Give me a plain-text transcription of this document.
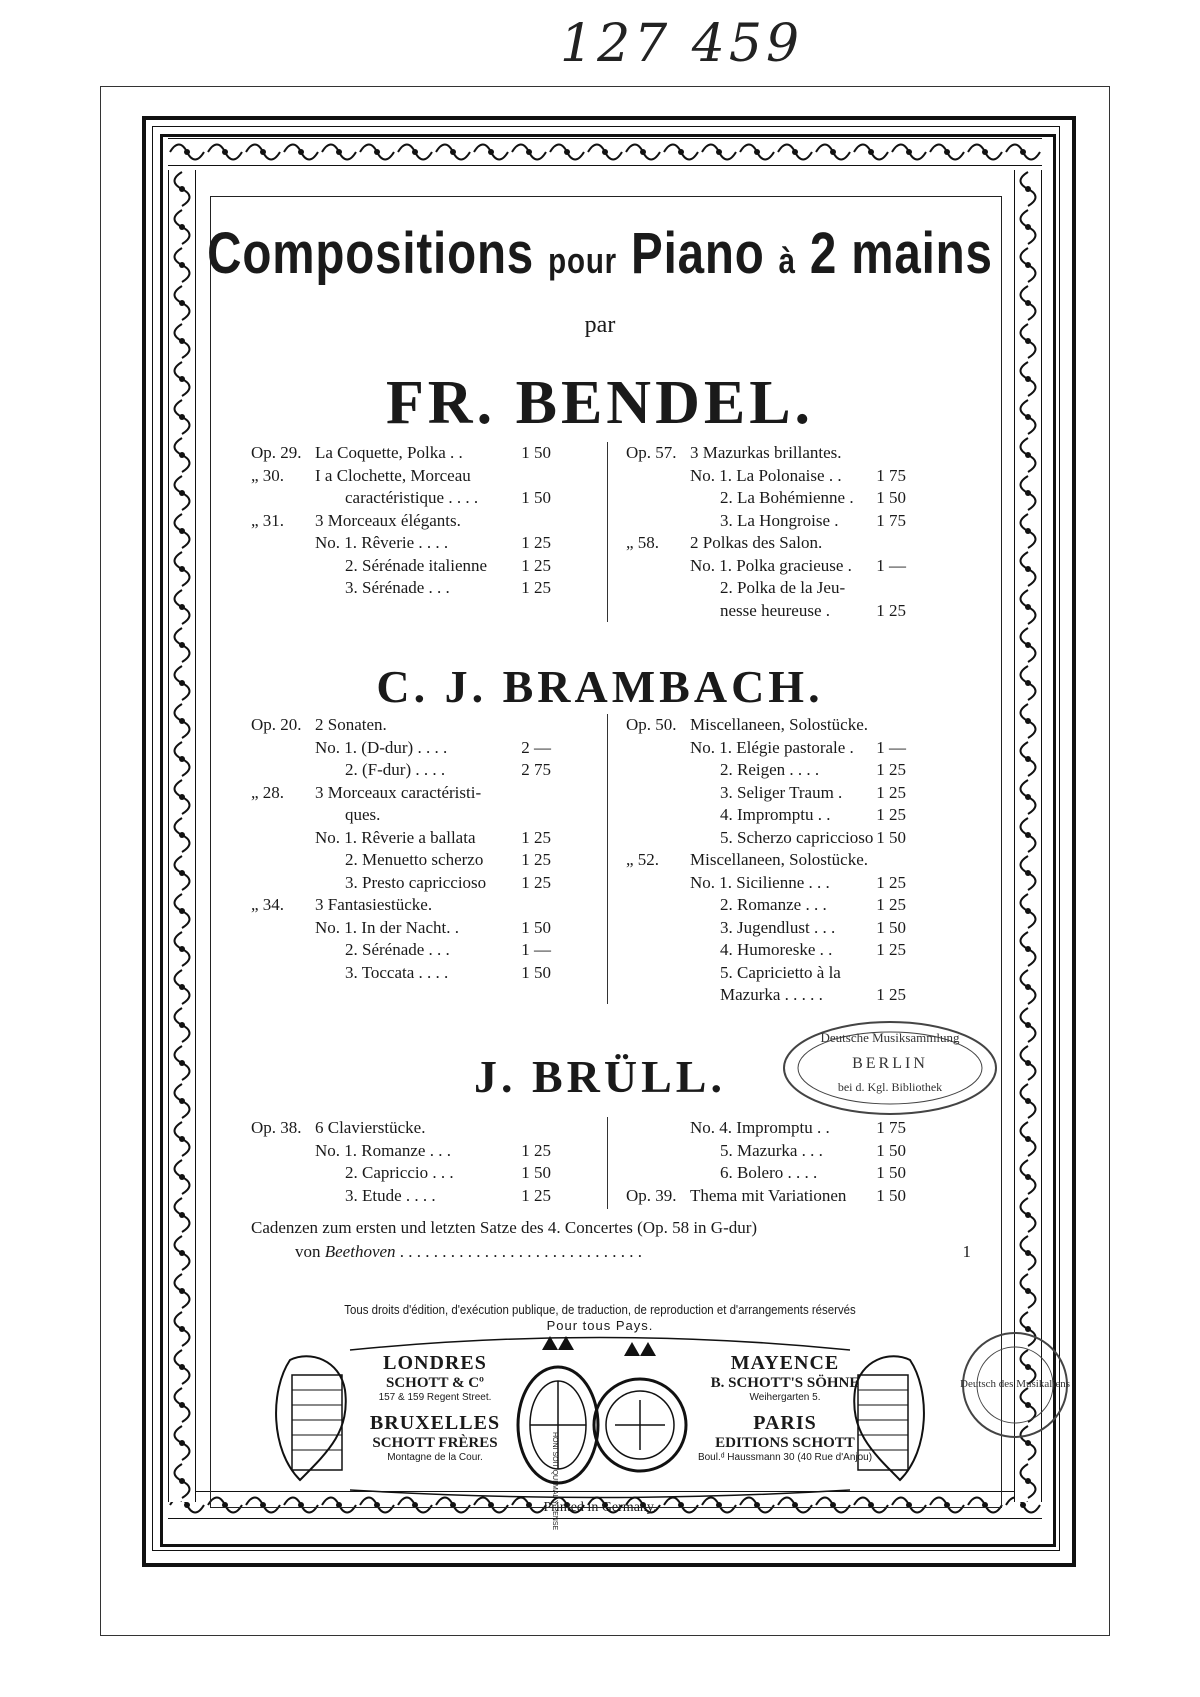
127 459
Compositions pour Piano à 2 mains
par
FR. BENDEL.
C. J. BRAMBACH.
J. BRÜLL.
Op. 29. La Coquette, Polka . .	1 50
„ 30. I a Clochette, Morceau
caractéristique . . . .	1 50
„ 31. 3 Morceaux élégants.
No. 1. Rêverie . . . .	1 25
2. Sérénade italienne 1 25
3. Sérénade . . .	1 25
Op. 57. 3 Mazurkas brillantes.
No. 1. La Polonaise . . 1 75
2. La Bohémienne . 1 50
3. La Hongroise . 1 75
„ 58. 2 Polkas des Salon.
No. 1. Polka gracieuse . 1 —
2. Polka de la Jeu-
nesse heureuse .	1 25
Op. 20. 2 Sonaten.
No. 1. (D-dur) . . . .	2 —
2. (F-dur) . . . .	2 75
„ 28. 3 Morceaux caractéristi-
ques.
No. 1. Rêverie a ballata	1 25
2. Menuetto scherzo 1 25
3. Presto capriccioso 1 25
„ 34. 3 Fantasiestücke.
No. 1. In der Nacht. .	1 50
2. Sérénade . . .	1 —
3. Toccata . . . .	1 50
Op. 50. Miscellaneen, Solostücke.
No. 1. Elégie pastorale . 1 —
2. Reigen . . . .	1 25
3. Seliger Traum . 1 25
4. Impromptu . .	1 25
5. Scherzo capriccioso 1 50
„ 52. Miscellaneen, Solostücke.
No. 1. Sicilienne . . .	1 25
2. Romanze . . .	1 25
3. Jugendlust . . . 1 50
4. Humoreske . .	1 25
5. Capricietto à la
Mazurka . . . . .	1 25
Op. 38. 6 Clavierstücke.
No. 1. Romanze . . .	1 25
2. Capriccio . . .	1 50
3. Etude . . . .	1 25
No. 4. Impromptu . .	1 75
5. Mazurka . . .	1 50
6. Bolero . . . .	1 50
Op. 39. Thema mit Variationen 1 50
Cadenzen zum ersten und letzten Satze des 4. Concertes (Op. 58 in G-dur)
von Beethoven . . . . . . . . . . . . . . . . . . . . . . . . . . . . .	1
Tous droits d'édition, d'exécution publique, de traduction, de reproduction et d'arrangements réservés
Pour tous Pays.
HONI SOIT QUI MAL Y PENSE
LONDRES
SCHOTT & Cº
157 & 159 Regent Street.
BRUXELLES
SCHOTT FRÈRES
Montagne de la Cour.
MAYENCE
B. SCHOTT'S SÖHNE
Weihergarten 5.
PARIS
EDITIONS SCHOTT
Boul.ᵈ Haussmann 30 (40 Rue d'Anjou)
Printed in Germany.
Deutsche Musiksammlung
BERLIN
bei d. Kgl. Bibliothek
Deutsch des Musikaliens
